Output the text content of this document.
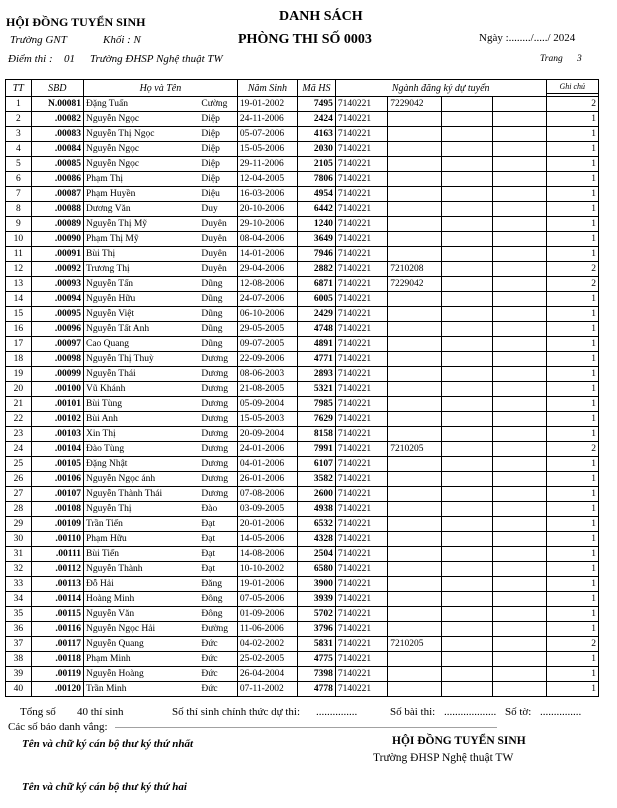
HỘI ĐỒNG TUYỂN SINH
Trường GNT	Khối : N
Điểm thi : 01 Trường ĐHSP Nghệ thuật TW
DANH SÁCH
PHÒNG THI SỐ 0003	Ngày :......../...../ 2024
Trang 3
TT	SBD	Họ và Tên		Năm Sinh	Mã HS	Ngành đăng ký dự tuyển				Ghi chú

1	N.00081	Đặng Tuấn	Cường	19-01-2002	7495	7140221	7229042			2
2	.00082	Nguyễn Ngọc	Diệp	24-11-2006	2424	7140221				1
3	.00083	Nguyễn Thị Ngọc	Diệp	05-07-2006	4163	7140221				1
4	.00084	Nguyễn Ngọc	Diệp	15-05-2006	2030	7140221				1
5	.00085	Nguyễn Ngọc	Diệp	29-11-2006	2105	7140221				1
6	.00086	Phạm Thị	Diệp	12-04-2005	7806	7140221				1
7	.00087	Phạm Huyền	Diệu	16-03-2006	4954	7140221				1
8	.00088	Dương Văn	Duy	20-10-2006	6442	7140221				1
9	.00089	Nguyễn Thị Mỹ	Duyên	29-10-2006	1240	7140221				1
10	.00090	Phạm Thị Mỹ	Duyên	08-04-2006	3649	7140221				1
11	.00091	Bùi Thị	Duyên	14-01-2006	7946	7140221				1
12	.00092	Trương Thị	Duyên	29-04-2006	2882	7140221	7210208			2
13	.00093	Nguyễn Tấn	Dũng	12-08-2006	6871	7140221	7229042			2
14	.00094	Nguyễn Hữu	Dũng	24-07-2006	6005	7140221				1
15	.00095	Nguyễn Việt	Dũng	06-10-2006	2429	7140221				1
16	.00096	Nguyễn Tất Anh	Dũng	29-05-2005	4748	7140221				1
17	.00097	Cao Quang	Dũng	09-07-2005	4891	7140221				1
18	.00098	Nguyễn Thị Thuỳ	Dương	22-09-2006	4771	7140221				1
19	.00099	Nguyễn Thái	Dương	08-06-2003	2893	7140221				1
20	.00100	Vũ Khánh	Dương	21-08-2005	5321	7140221				1
21	.00101	Bùi Tùng	Dương	05-09-2004	7985	7140221				1
22	.00102	Bùi Anh	Dương	15-05-2003	7629	7140221				1
23	.00103	Xin Thị	Dương	20-09-2004	8158	7140221				1
24	.00104	Đào Tùng	Dương	24-01-2006	7991	7140221	7210205			2
25	.00105	Đặng Nhật	Dương	04-01-2006	6107	7140221				1
26	.00106	Nguyễn Ngọc ánh	Dương	26-01-2006	3582	7140221				1
27	.00107	Nguyễn Thành Thái	Dương	07-08-2006	2600	7140221				1
28	.00108	Nguyễn Thị	Đào	03-09-2005	4938	7140221				1
29	.00109	Trần Tiến	Đạt	20-01-2006	6532	7140221				1
30	.00110	Phạm Hữu	Đạt	14-05-2006	4328	7140221				1
31	.00111	Bùi Tiến	Đạt	14-08-2006	2504	7140221				1
32	.00112	Nguyễn Thành	Đạt	10-10-2002	6580	7140221				1
33	.00113	Đỗ Hải	Đăng	19-01-2006	3900	7140221				1
34	.00114	Hoàng Minh	Đông	07-05-2006	3939	7140221				1
35	.00115	Nguyễn Văn	Đông	01-09-2006	5702	7140221				1
36	.00116	Nguyễn Ngọc Hải	Đường	11-06-2006	3796	7140221				1
37	.00117	Nguyễn Quang	Đức	04-02-2002	5831	7140221	7210205			2
38	.00118	Phạm Minh	Đức	25-02-2005	4775	7140221				1
39	.00119	Nguyễn Hoàng	Đức	26-04-2004	7398	7140221				1
40	.00120	Trần Minh	Đức	07-11-2002	4778	7140221				1
Tổng số 40 thí sinh	Số thí sinh chính thức dự thi: ...............	Số bài thi: ................... Số tờ: ...............
Các số báo danh vắng: ...............................................................................................................................................................................................
Tên và chữ ký cán bộ thư ký thứ nhất	HỘI ĐỒNG TUYỂN SINH
Trường ĐHSP Nghệ thuật TW
Tên và chữ ký cán bộ thư ký thứ hai
